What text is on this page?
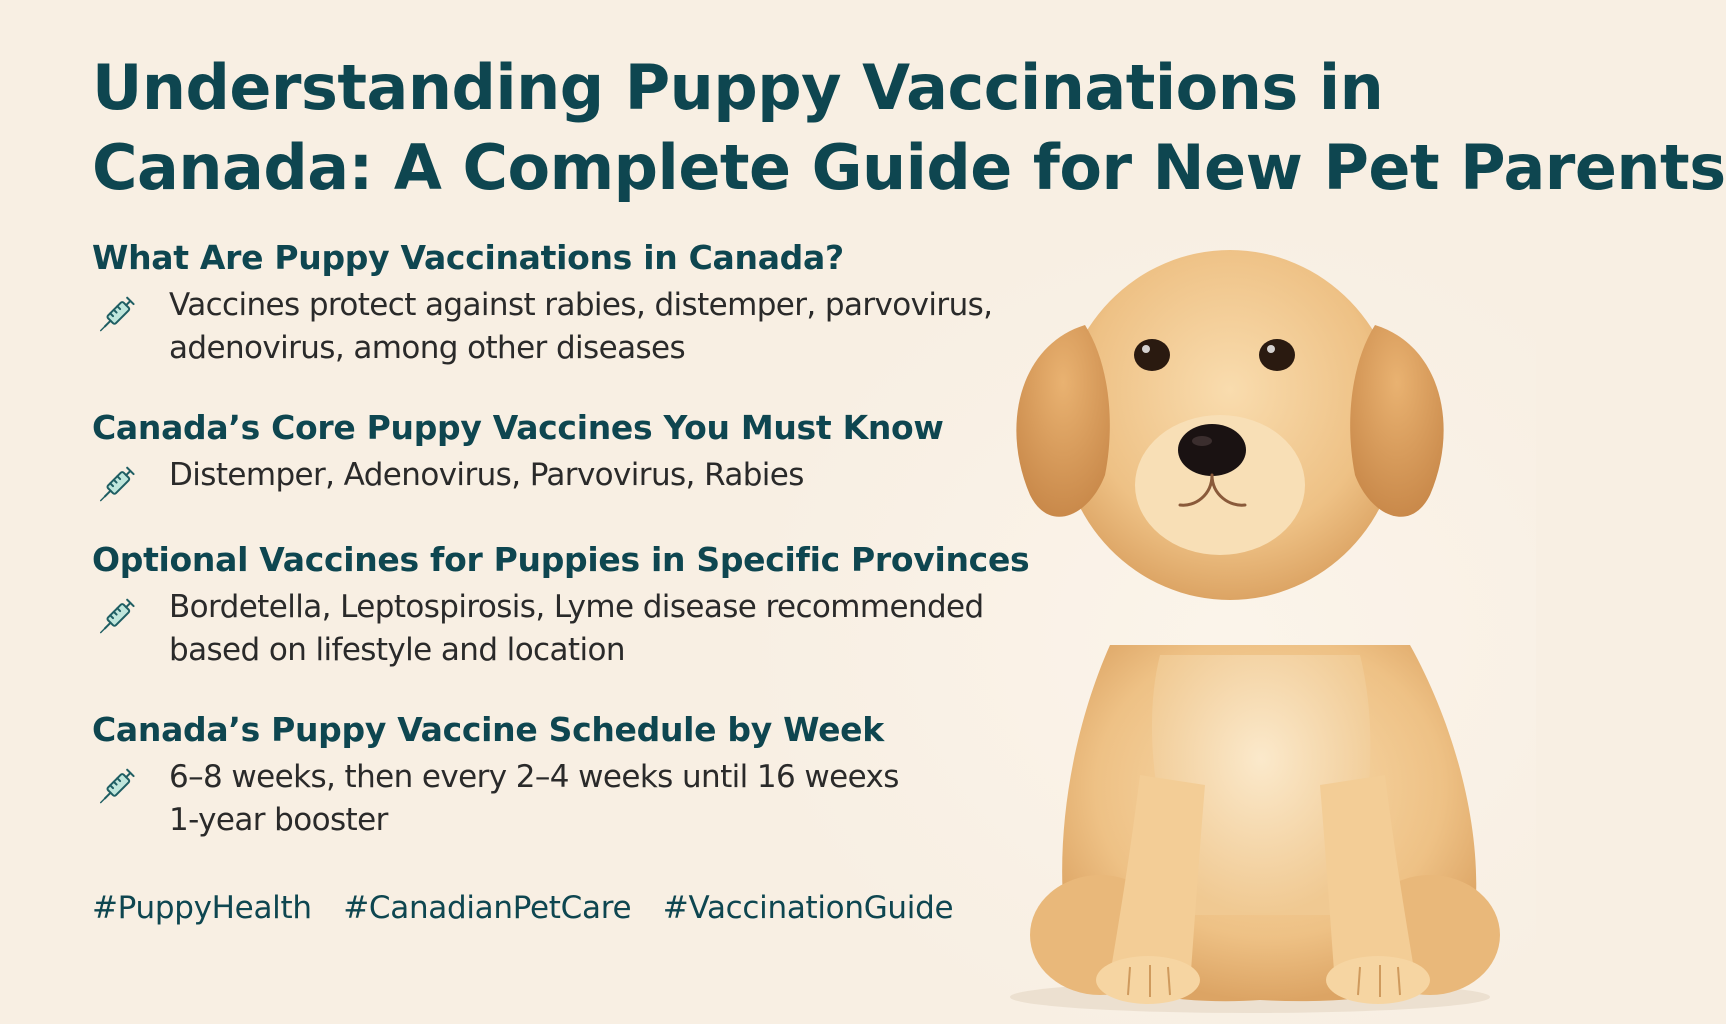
Understanding Puppy Vaccinations in
Canada: A Complete Guide for New Pet Parents
What Are Puppy Vaccinations in Canada?
Vaccines protect against rabies, distemper, parvovirus,
adenovirus, among other diseases
Canada’s Core Puppy Vaccines You Must Know
Distemper, Adenovirus, Parvovirus, Rabies
Optional Vaccines for Puppies in Specific Provinces
Bordetella, Leptospirosis, Lyme disease recommended
based on lifestyle and location
Canada’s Puppy Vaccine Schedule by Week
6–8 weeks, then every 2–4 weeks until 16 weexs
1-year booster
#PuppyHealth #CanadianPetCare #VaccinationGuide
